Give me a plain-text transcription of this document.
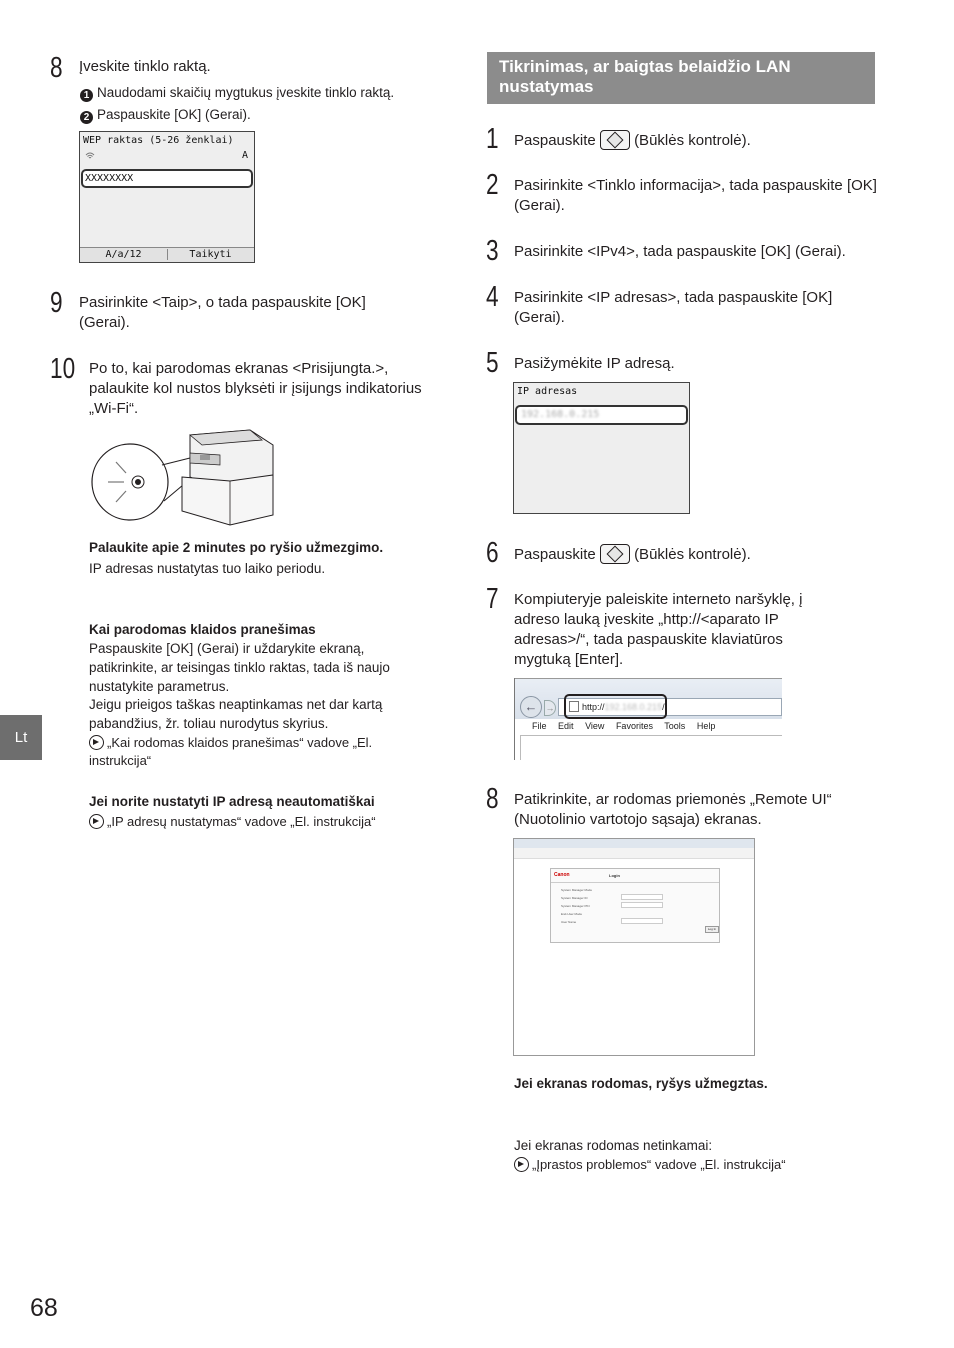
8 Įveskite tinklo raktą.
1 Naudodami skaičių mygtukus įveskite tinklo raktą.
2 Paspauskite [OK] (Gerai).
WEP raktas (5-26 ženklai)
A
XXXXXXXX
A/a/12	Taikyti
9 Pasirinkite <Taip>, o tada paspauskite [OK] (Gerai).
10 Po to, kai parodomas ekranas <Prisijungta.>, palaukite kol nustos blyksėti ir įsijungs indikatorius „Wi-Fi“.
Palaukite apie 2 minutes po ryšio užmezgimo.
IP adresas nustatytas tuo laiko periodu.
Kai parodomas klaidos pranešimas
Paspauskite [OK] (Gerai) ir uždarykite ekraną, patikrinkite, ar teisingas tinklo raktas, tada iš naujo nustatykite parametrus.
Jeigu prieigos taškas neaptinkamas net dar kartą pabandžius, žr. toliau nurodytus skyrius.
„Kai rodomas klaidos pranešimas“ vadove „El. instrukcija“
Jei norite nustatyti IP adresą neautomatiškai
„IP adresų nustatymas“ vadove „El. instrukcija“
Lt
68
Tikrinimas, ar baigtas belaidžio LAN nustatymas
1 Paspauskite	(Būklės kontrolė).
2 Pasirinkite <Tinklo informacija>, tada paspauskite [OK] (Gerai).
3 Pasirinkite <IPv4>, tada paspauskite [OK] (Gerai).
4 Pasirinkite <IP adresas>, tada paspauskite [OK] (Gerai).
5 Pasižymėkite IP adresą.
IP adresas
192.168.0.215
6 Paspauskite	(Būklės kontrolė).
7 Kompiuteryje paleiskite interneto naršyklę, į adreso lauką įveskite „http://<aparato IP adresas>/“, tada paspauskite klaviatūros mygtuką [Enter].
← →	http://192.168.0.215/
File Edit View Favorites Tools Help
8 Patikrinkite, ar rodomas priemonės „Remote UI“ (Nuotolinio vartotojo sąsaja) ekranas.
Canon	Login
System Manager Mode
System Manager ID
System Manager PIN
End-User Mode
User Name
Log In
Jei ekranas rodomas, ryšys užmegztas.
Jei ekranas rodomas netinkamai:
„Įprastos problemos“ vadove „El. instrukcija“
